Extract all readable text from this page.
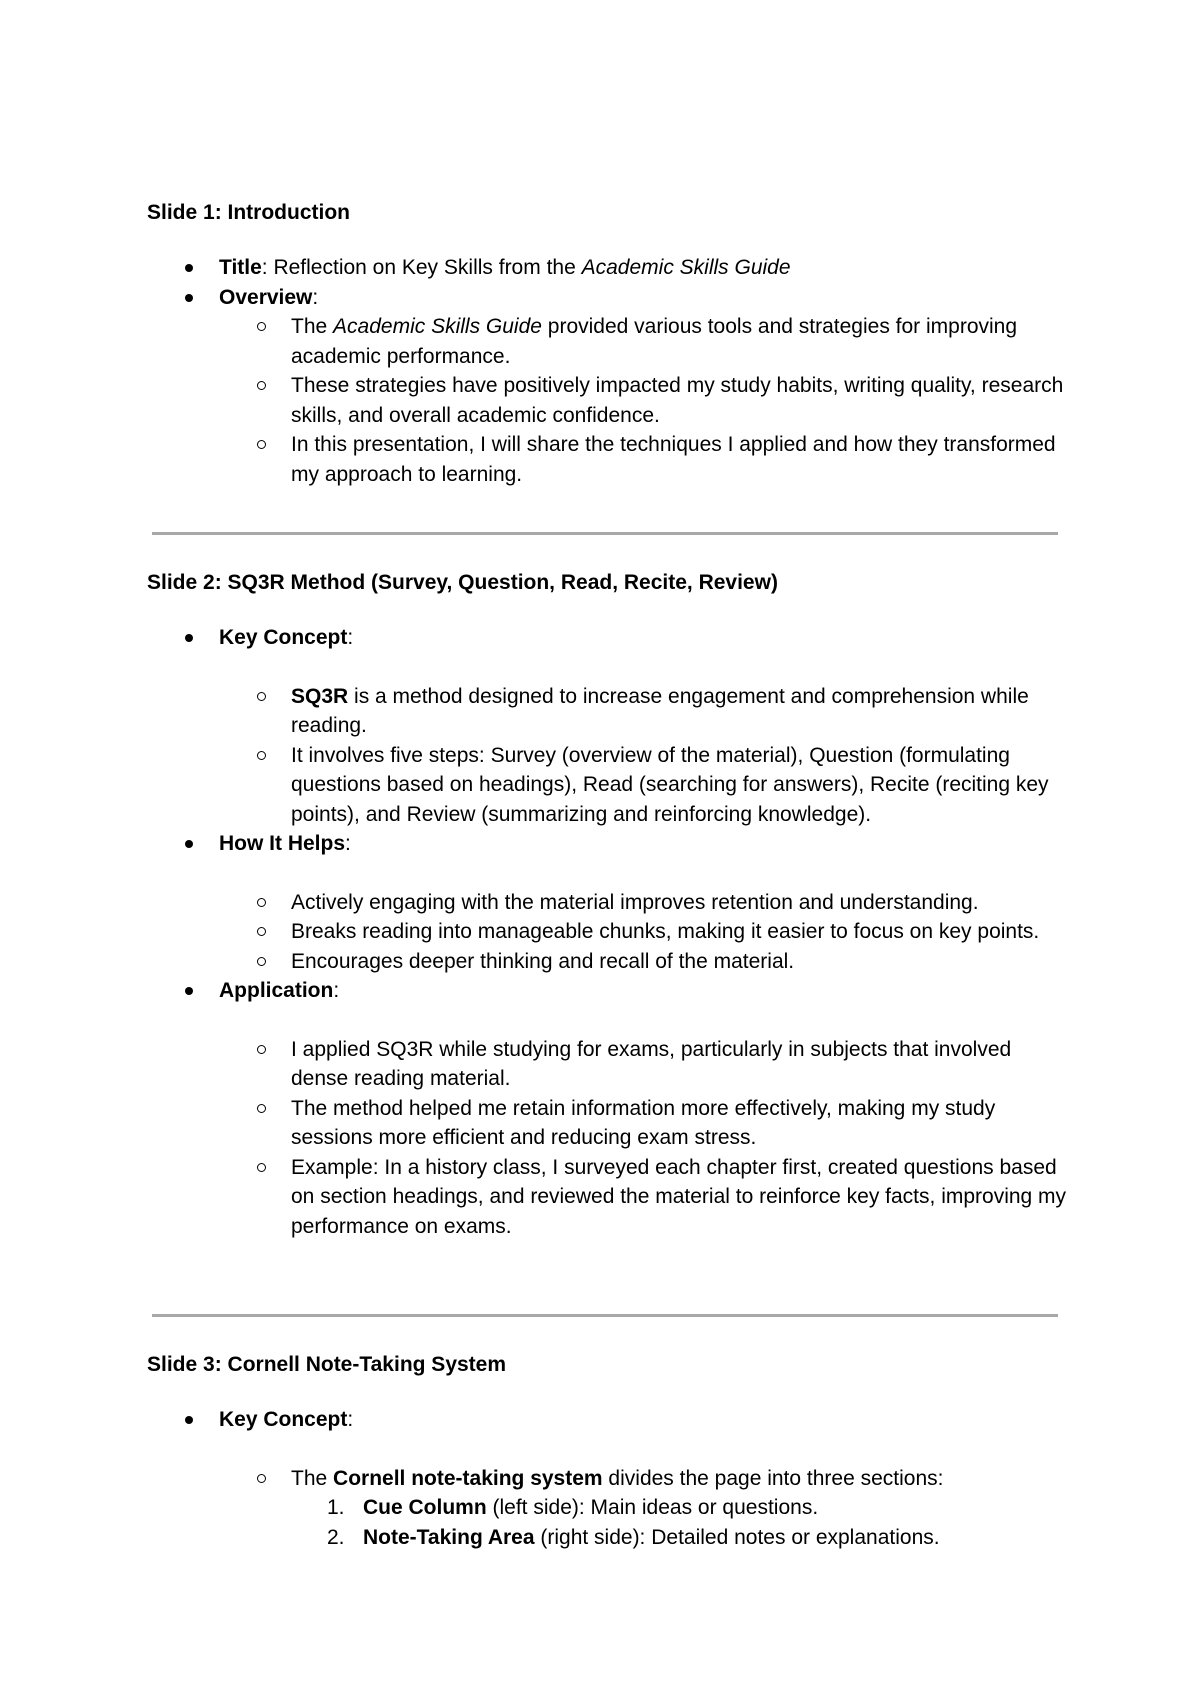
Slide 1: Introduction

Title: Reflection on Key Skills from the Academic Skills Guide
Overview:
The Academic Skills Guide provided various tools and strategies for improving academic performance.
These strategies have positively impacted my study habits, writing quality, research skills, and overall academic confidence.
In this presentation, I will share the techniques I applied and how they transformed my approach to learning.

Slide 2: SQ3R Method (Survey, Question, Read, Recite, Review)

Key Concept:
SQ3R is a method designed to increase engagement and comprehension while reading.
It involves five steps: Survey (overview of the material), Question (formulating questions based on headings), Read (searching for answers), Recite (reciting key points), and Review (summarizing and reinforcing knowledge).
How It Helps:
Actively engaging with the material improves retention and understanding.
Breaks reading into manageable chunks, making it easier to focus on key points.
Encourages deeper thinking and recall of the material.
Application:
I applied SQ3R while studying for exams, particularly in subjects that involved dense reading material.
The method helped me retain information more effectively, making my study sessions more efficient and reducing exam stress.
Example: In a history class, I surveyed each chapter first, created questions based on section headings, and reviewed the material to reinforce key facts, improving my performance on exams.

Slide 3: Cornell Note-Taking System

Key Concept:
The Cornell note-taking system divides the page into three sections:
1. Cue Column (left side): Main ideas or questions.
2. Note-Taking Area (right side): Detailed notes or explanations.
